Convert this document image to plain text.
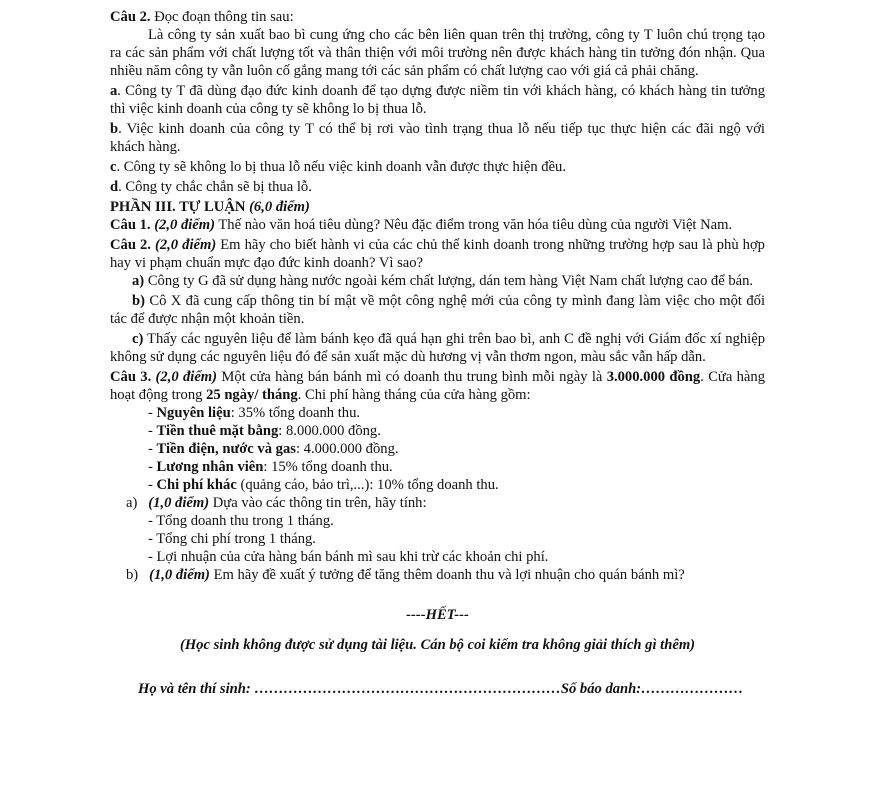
Câu 2. Đọc đoạn thông tin sau:

Là công ty sản xuất bao bì cung ứng cho các bên liên quan trên thị trường, công ty T luôn chú trọng tạo ra các sản phẩm với chất lượng tốt và thân thiện với môi trường nên được khách hàng tin tưởng đón nhận. Qua nhiều năm công ty vẫn luôn cố gắng mang tới các sản phẩm có chất lượng cao với giá cả phải chăng.

a. Công ty T đã dùng đạo đức kinh doanh để tạo dựng được niềm tin với khách hàng, có khách hàng tin tưởng thì việc kinh doanh của công ty sẽ không lo bị thua lỗ.

b. Việc kinh doanh của công ty T có thể bị rơi vào tình trạng thua lỗ nếu tiếp tục thực hiện các đãi ngộ với khách hàng.

c. Công ty sẽ không lo bị thua lỗ nếu việc kinh doanh vẫn được thực hiện đều.

d. Công ty chắc chắn sẽ bị thua lỗ.

PHẦN III. TỰ LUẬN (6,0 điểm)

Câu 1. (2,0 điểm) Thế nào văn hoá tiêu dùng? Nêu đặc điểm trong văn hóa tiêu dùng của người Việt Nam.

Câu 2. (2,0 điểm) Em hãy cho biết hành vi của các chủ thể kinh doanh trong những trường hợp sau là phù hợp hay vi phạm chuẩn mực đạo đức kinh doanh? Vì sao?

a) Công ty G đã sử dụng hàng nước ngoài kém chất lượng, dán tem hàng Việt Nam chất lượng cao để bán.

b) Cô X đã cung cấp thông tin bí mật về một công nghệ mới của công ty mình đang làm việc cho một đối tác để được nhận một khoản tiền.

c) Thấy các nguyên liệu để làm bánh kẹo đã quá hạn ghi trên bao bì, anh C đề nghị với Giám đốc xí nghiệp không sử dụng các nguyên liệu đó để sản xuất mặc dù hương vị vẫn thơm ngon, màu sắc vẫn hấp dẫn.

Câu 3. (2,0 điểm) Một cửa hàng bán bánh mì có doanh thu trung bình mỗi ngày là 3.000.000 đồng. Cửa hàng hoạt động trong 25 ngày/ tháng. Chi phí hàng tháng của cửa hàng gồm:

- Nguyên liệu: 35% tổng doanh thu.

- Tiền thuê mặt bằng: 8.000.000 đồng.

- Tiền điện, nước và gas: 4.000.000 đồng.

- Lương nhân viên: 15% tổng doanh thu.

- Chi phí khác (quảng cáo, bảo trì,...): 10% tổng doanh thu.

a) (1,0 điểm) Dựa vào các thông tin trên, hãy tính:

- Tổng doanh thu trong 1 tháng.

- Tổng chi phí trong 1 tháng.

- Lợi nhuận của cửa hàng bán bánh mì sau khi trừ các khoản chi phí.

b) (1,0 điểm) Em hãy đề xuất ý tưởng để tăng thêm doanh thu và lợi nhuận cho quán bánh mì?

----HẾT---

(Học sinh không được sử dụng tài liệu. Cán bộ coi kiểm tra không giải thích gì thêm)

Họ và tên thí sinh: ………………………………………………………Số báo danh:…………………
